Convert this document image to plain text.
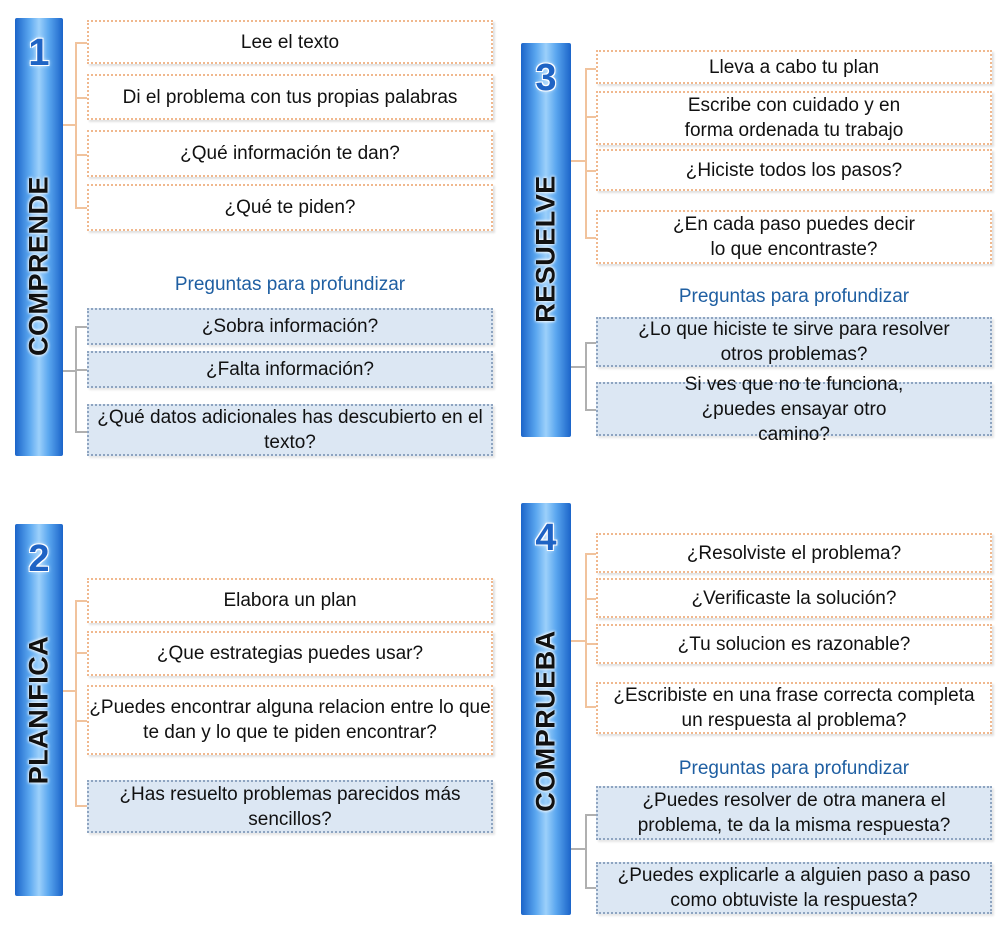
1
COMPRENDE
Lee el texto
Di el problema con tus propias palabras
¿Qué información te dan?
¿Qué te piden?
Preguntas para profundizar
¿Sobra información?
¿Falta información?
¿Qué datos adicionales has descubierto en el texto?
2
PLANIFICA
Elabora un plan
¿Que estrategias puedes usar?
¿Puedes encontrar alguna relacion entre lo que te dan y lo que te piden encontrar?
¿Has resuelto problemas parecidos más sencillos?
3
RESUELVE
Lleva a cabo tu plan
Escribe con cuidado y en forma ordenada tu trabajo
¿Hiciste todos los pasos?
¿En cada paso puedes decir lo que encontraste?
Preguntas para profundizar
¿Lo que hiciste te sirve para resolver otros problemas?
Si ves que no te funciona, ¿puedes ensayar otro camino?
4
COMPRUEBA
¿Resolviste el problema?
¿Verificaste la solución?
¿Tu solucion es razonable?
¿Escribiste en una frase correcta completa un respuesta al problema?
Preguntas para profundizar
¿Puedes resolver de otra manera el problema, te da la misma respuesta?
¿Puedes explicarle a alguien paso a paso como obtuviste la respuesta?
